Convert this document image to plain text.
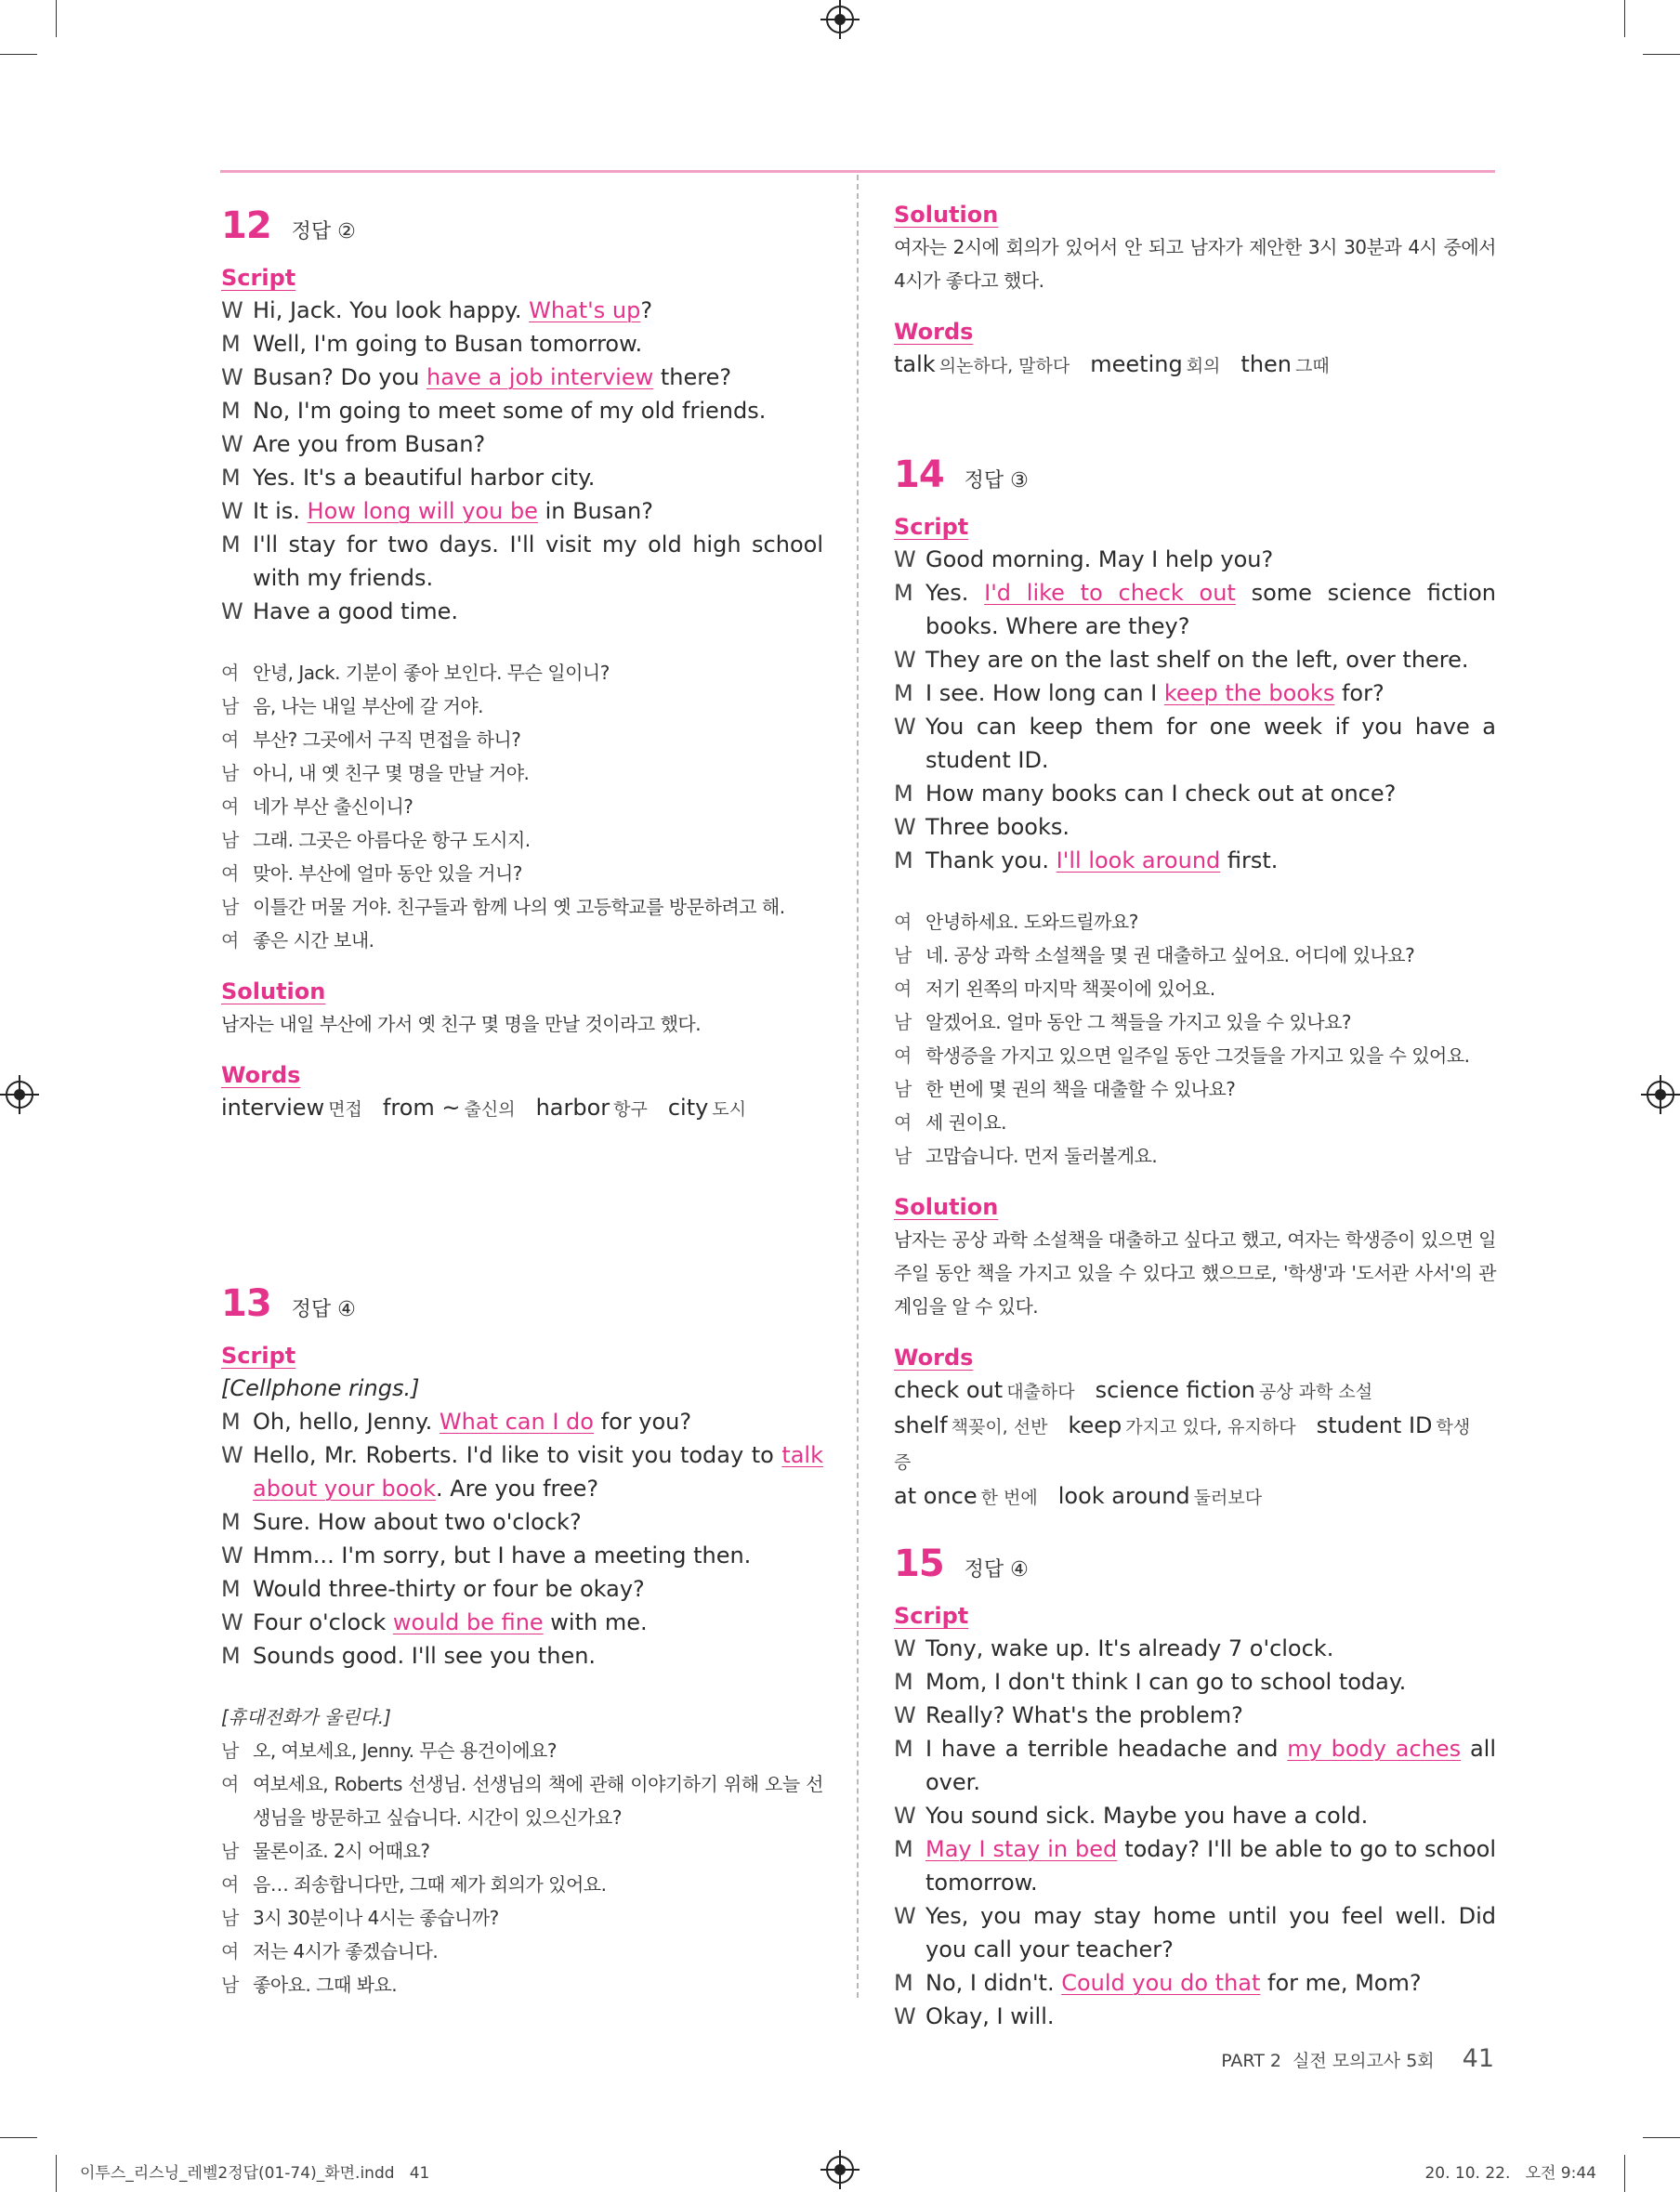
12 정답 ②
Script
W Hi, Jack. You look happy. What's up?
M Well, I'm going to Busan tomorrow.
W Busan? Do you have a job interview there?
M No, I'm going to meet some of my old friends.
W Are you from Busan?
M Yes. It's a beautiful harbor city.
W It is. How long will you be in Busan?
M I'll stay for two days. I'll visit my old high school with my friends.
W Have a good time.
여 안녕, Jack. 기분이 좋아 보인다. 무슨 일이니?
남 음, 나는 내일 부산에 갈 거야.
여 부산? 그곳에서 구직 면접을 하니?
남 아니, 내 옛 친구 몇 명을 만날 거야.
여 네가 부산 출신이니?
남 그래. 그곳은 아름다운 항구 도시지.
여 맞아. 부산에 얼마 동안 있을 거니?
남 이틀간 머물 거야. 친구들과 함께 나의 옛 고등학교를 방문하려고 해.
여 좋은 시간 보내.
Solution
남자는 내일 부산에 가서 옛 친구 몇 명을 만날 것이라고 했다.
Words
interview 면접 from ~ 출신의 harbor 항구 city 도시
13 정답 ④
Script
[Cellphone rings.]
M Oh, hello, Jenny. What can I do for you?
W Hello, Mr. Roberts. I'd like to visit you today to talk about your book. Are you free?
M Sure. How about two o'clock?
W Hmm... I'm sorry, but I have a meeting then.
M Would three-thirty or four be okay?
W Four o'clock would be fine with me.
M Sounds good. I'll see you then.
[휴대전화가 울린다.]
남 오, 여보세요, Jenny. 무슨 용건이에요?
여 여보세요, Roberts 선생님. 선생님의 책에 관해 이야기하기 위해 오늘 선생님을 방문하고 싶습니다. 시간이 있으신가요?
남 물론이죠. 2시 어때요?
여 음… 죄송합니다만, 그때 제가 회의가 있어요.
남 3시 30분이나 4시는 좋습니까?
여 저는 4시가 좋겠습니다.
남 좋아요. 그때 봐요.
Solution
여자는 2시에 회의가 있어서 안 되고 남자가 제안한 3시 30분과 4시 중에서 4시가 좋다고 했다.
Words
talk 의논하다, 말하다 meeting 회의 then 그때
14 정답 ③
Script
W Good morning. May I help you?
M Yes. I'd like to check out some science fiction books. Where are they?
W They are on the last shelf on the left, over there.
M I see. How long can I keep the books for?
W You can keep them for one week if you have a student ID.
M How many books can I check out at once?
W Three books.
M Thank you. I'll look around first.
여 안녕하세요. 도와드릴까요?
남 네. 공상 과학 소설책을 몇 권 대출하고 싶어요. 어디에 있나요?
여 저기 왼쪽의 마지막 책꽂이에 있어요.
남 알겠어요. 얼마 동안 그 책들을 가지고 있을 수 있나요?
여 학생증을 가지고 있으면 일주일 동안 그것들을 가지고 있을 수 있어요.
남 한 번에 몇 권의 책을 대출할 수 있나요?
여 세 권이요.
남 고맙습니다. 먼저 둘러볼게요.
Solution
남자는 공상 과학 소설책을 대출하고 싶다고 했고, 여자는 학생증이 있으면 일주일 동안 책을 가지고 있을 수 있다고 했으므로, '학생'과 '도서관 사서'의 관계임을 알 수 있다.
Words
check out 대출하다 science fiction 공상 과학 소설
shelf 책꽂이, 선반 keep 가지고 있다, 유지하다 student ID 학생증
at once 한 번에 look around 둘러보다
15 정답 ④
Script
W Tony, wake up. It's already 7 o'clock.
M Mom, I don't think I can go to school today.
W Really? What's the problem?
M I have a terrible headache and my body aches all over.
W You sound sick. Maybe you have a cold.
M May I stay in bed today? I'll be able to go to school tomorrow.
W Yes, you may stay home until you feel well. Did you call your teacher?
M No, I didn't. Could you do that for me, Mom?
W Okay, I will.
PART 2 실전 모의고사 5회 41
이투스_리스닝_레벨2정답(01-74)_화면.indd   41	20. 10. 22.   오전 9:44
